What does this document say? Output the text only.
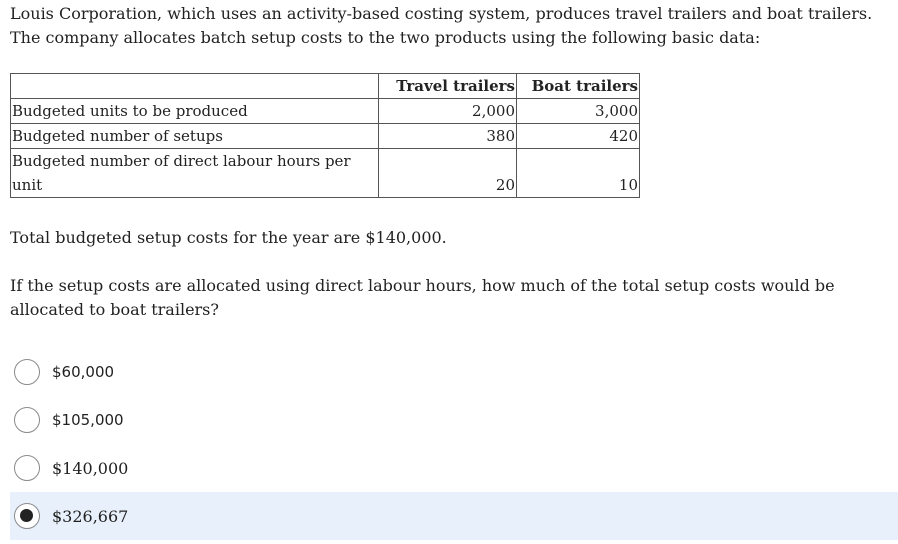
Louis Corporation, which uses an activity-based costing system, produces travel trailers and boat trailers. The company allocates batch setup costs to the two products using the following basic data:

	Travel trailers	Boat trailers
Budgeted units to be produced	2,000	3,000
Budgeted number of setups	380	420
Budgeted number of direct labour hours per unit	20	10

Total budgeted setup costs for the year are $140,000.

If the setup costs are allocated using direct labour hours, how much of the total setup costs would be allocated to boat trailers?

$60,000
$105,000
$140,000
$326,667
